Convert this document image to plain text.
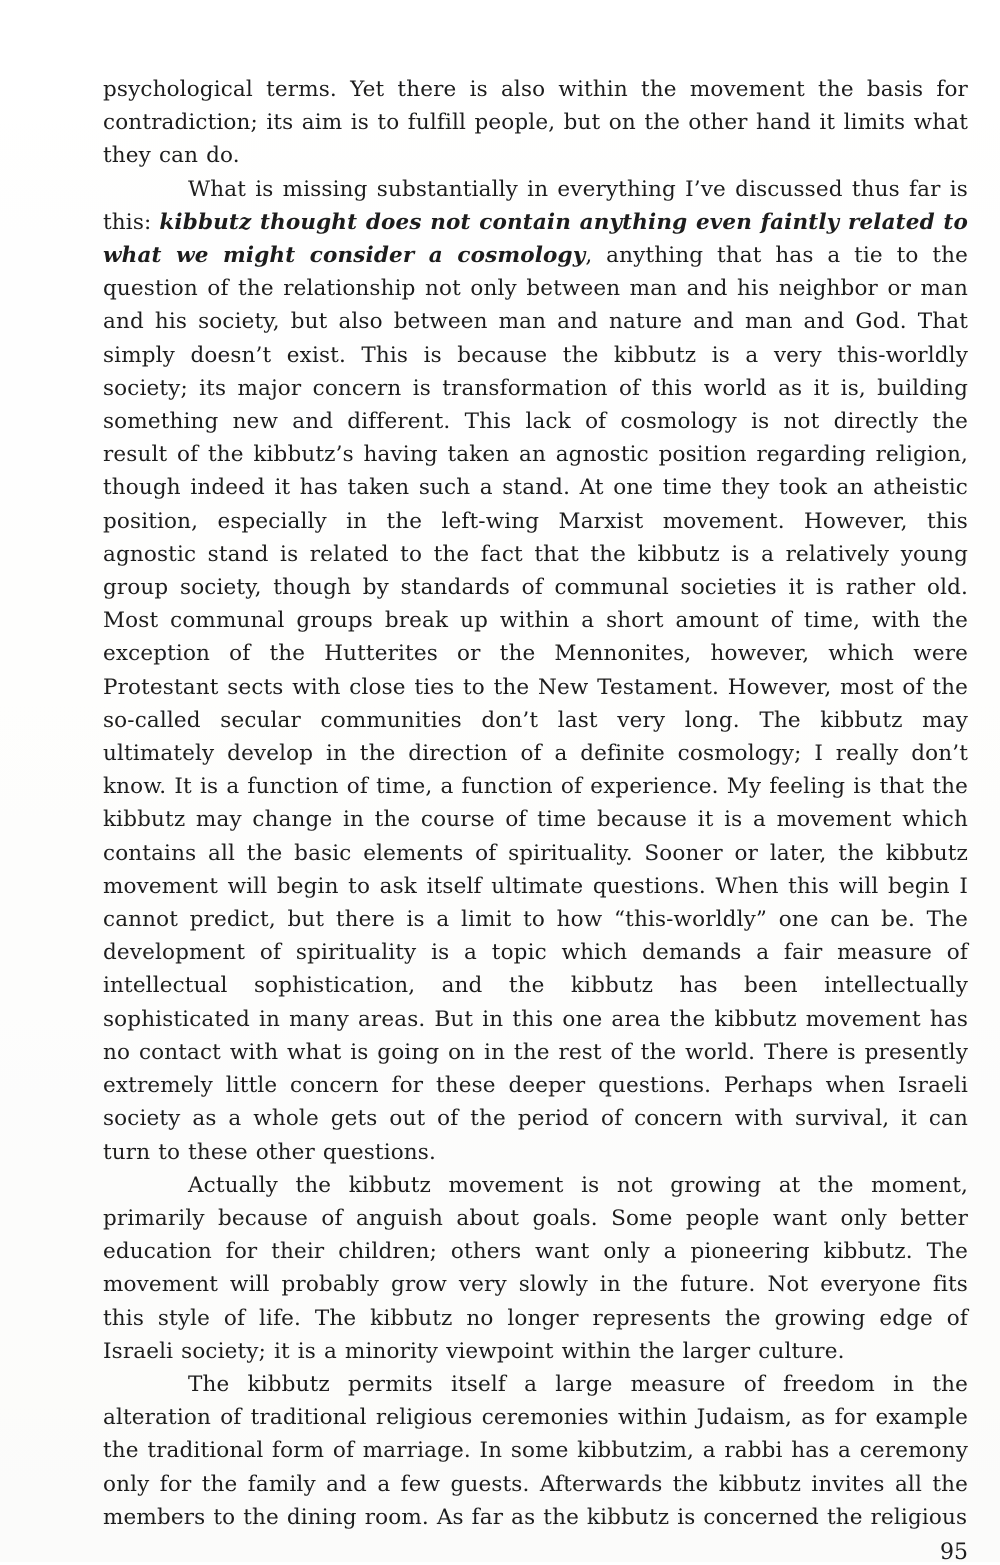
psychological terms. Yet there is also within the movement the basis for contradiction; its aim is to fulfill people, but on the other hand it limits what they can do.

What is missing substantially in everything I’ve discussed thus far is this: kibbutz thought does not contain anything even faintly related to what we might consider a cosmology, anything that has a tie to the question of the relationship not only between man and his neighbor or man and his society, but also between man and nature and man and God. That simply doesn’t exist. This is because the kibbutz is a very this-worldly society; its major concern is transformation of this world as it is, building something new and different. This lack of cosmology is not directly the result of the kibbutz’s having taken an agnostic position regarding religion, though indeed it has taken such a stand. At one time they took an atheistic position, especially in the left-wing Marxist movement. However, this agnostic stand is related to the fact that the kibbutz is a relatively young group society, though by standards of communal societies it is rather old. Most communal groups break up within a short amount of time, with the exception of the Hutterites or the Mennonites, however, which were Protestant sects with close ties to the New Testament. However, most of the so-called secular communities don’t last very long. The kibbutz may ultimately develop in the direction of a definite cosmology; I really don’t know. It is a function of time, a function of experience. My feeling is that the kibbutz may change in the course of time because it is a movement which contains all the basic elements of spirituality. Sooner or later, the kibbutz movement will begin to ask itself ultimate questions. When this will begin I cannot predict, but there is a limit to how “this-worldly” one can be. The development of spirituality is a topic which demands a fair measure of intellectual sophistication, and the kibbutz has been intellectually sophisticated in many areas. But in this one area the kibbutz movement has no contact with what is going on in the rest of the world. There is presently extremely little concern for these deeper questions. Perhaps when Israeli society as a whole gets out of the period of concern with survival, it can turn to these other questions.

Actually the kibbutz movement is not growing at the moment, primarily because of anguish about goals. Some people want only better education for their children; others want only a pioneering kibbutz. The movement will probably grow very slowly in the future. Not everyone fits this style of life. The kibbutz no longer represents the growing edge of Israeli society; it is a minority viewpoint within the larger culture.

The kibbutz permits itself a large measure of freedom in the alteration of traditional religious ceremonies within Judaism, as for example the traditional form of marriage. In some kibbutzim, a rabbi has a ceremony only for the family and a few guests. Afterwards the kibbutz invites all the members to the dining room. As far as the kibbutz is concerned the religious

95
